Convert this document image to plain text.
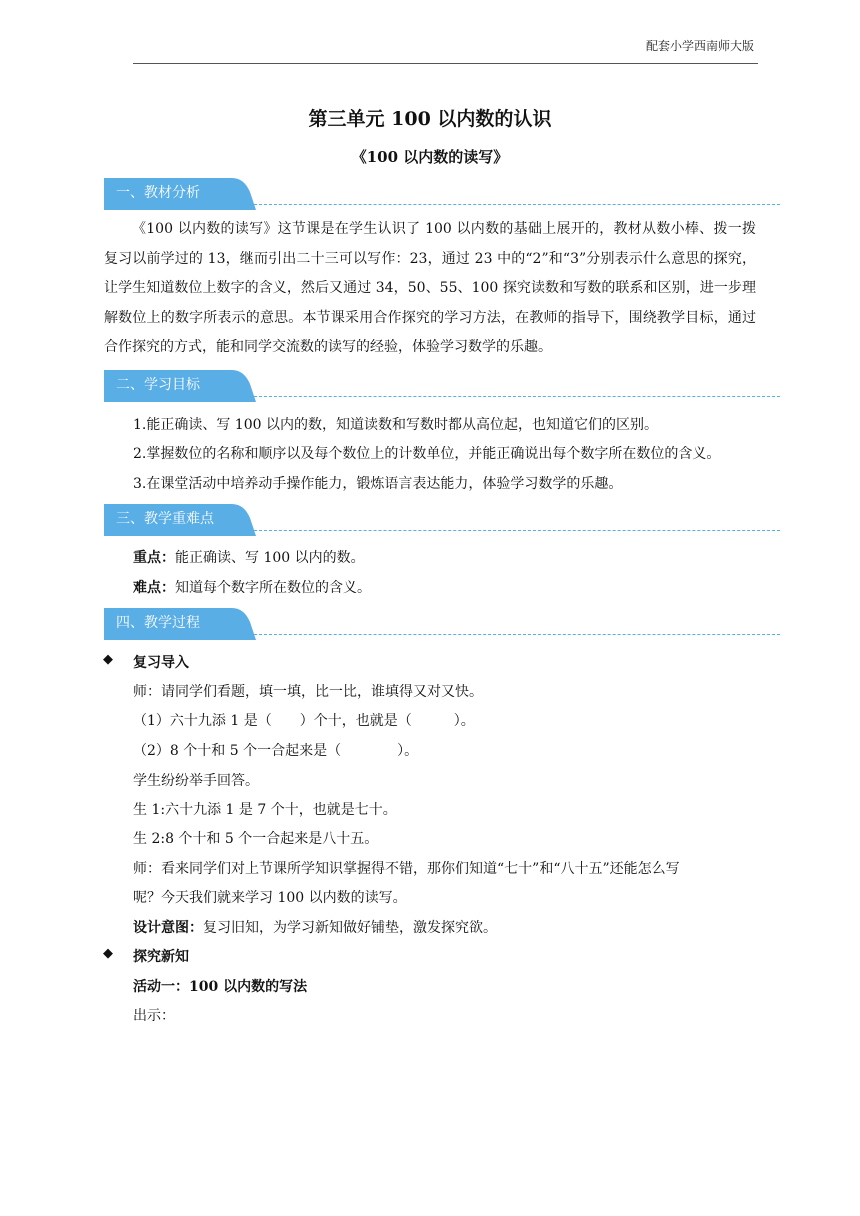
配套小学西南师大版
第三单元 100 以内数的认识
《100 以内数的读写》
一、教材分析
《100 以内数的读写》这节课是在学生认识了 100 以内数的基础上展开的，教材从数小棒、拨一拨复习以前学过的 13，继而引出二十三可以写作：23，通过 23 中的“2”和“3”分别表示什么意思的探究，让学生知道数位上数字的含义，然后又通过 34，50、55、100 探究读数和写数的联系和区别，进一步理解数位上的数字所表示的意思。本节课采用合作探究的学习方法，在教师的指导下，围绕教学目标，通过合作探究的方式，能和同学交流数的读写的经验，体验学习数学的乐趣。
二、学习目标
1.能正确读、写 100 以内的数，知道读数和写数时都从高位起，也知道它们的区别。
2.掌握数位的名称和顺序以及每个数位上的计数单位，并能正确说出每个数字所在数位的含义。
3.在课堂活动中培养动手操作能力，锻炼语言表达能力，体验学习数学的乐趣。
三、教学重难点
重点：能正确读、写 100 以内的数。
难点：知道每个数字所在数位的含义。
四、教学过程
◆ 复习导入
师：请同学们看题，填一填，比一比，谁填得又对又快。
（1）六十九添 1 是（　　）个十，也就是（　　　）。
（2）8 个十和 5 个一合起来是（　　　　）。
学生纷纷举手回答。
生 1:六十九添 1 是 7 个十，也就是七十。
生 2:8 个十和 5 个一合起来是八十五。
师：看来同学们对上节课所学知识掌握得不错，那你们知道“七十”和“八十五”还能怎么写
呢？今天我们就来学习 100 以内数的读写。
设计意图：复习旧知，为学习新知做好铺垫，激发探究欲。
◆ 探究新知
活动一：100 以内数的写法
出示：
